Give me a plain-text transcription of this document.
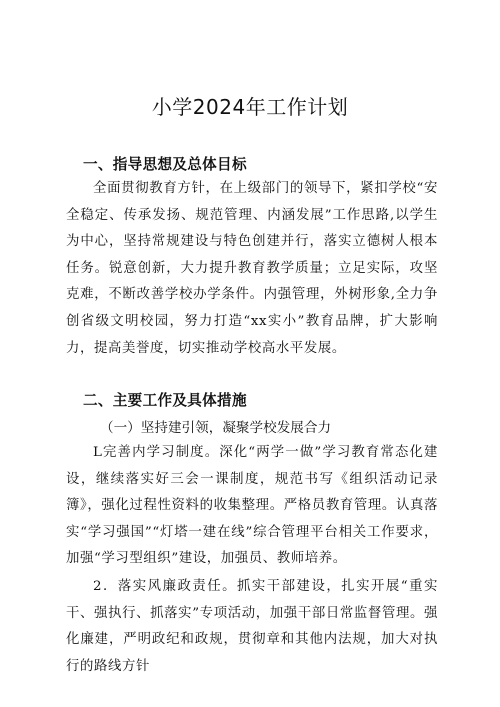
小学2024年工作计划
一、指导思想及总体目标
全面贯彻教育方针，在上级部门的领导下，紧扣学校“安全稳定、传承发扬、规范管理、内涵发展”工作思路,以学生为中心，坚持常规建设与特色创建并行，落实立德树人根本任务。锐意创新，大力提升教育教学质量；立足实际，攻坚克难，不断改善学校办学条件。内强管理，外树形象,全力争创省级文明校园，努力打造“xx实小”教育品牌，扩大影响力，提高美誉度，切实推动学校高水平发展。
二、主要工作及具体措施
（一）坚持建引领，凝聚学校发展合力
L完善内学习制度。深化“两学一做”学习教育常态化建设，继续落实好三会一课制度，规范书写《组织活动记录簿》，强化过程性资料的收集整理。严格员教育管理。认真落实“学习强国”“灯塔一建在线”综合管理平台相关工作要求，加强“学习型组织”建设，加强员、教师培养。
2．落实风廉政责任。抓实干部建设，扎实开展“重实干、强执行、抓落实”专项活动，加强干部日常监督管理。强化廉建，严明政纪和政规，贯彻章和其他内法规，加大对执行的路线方针
